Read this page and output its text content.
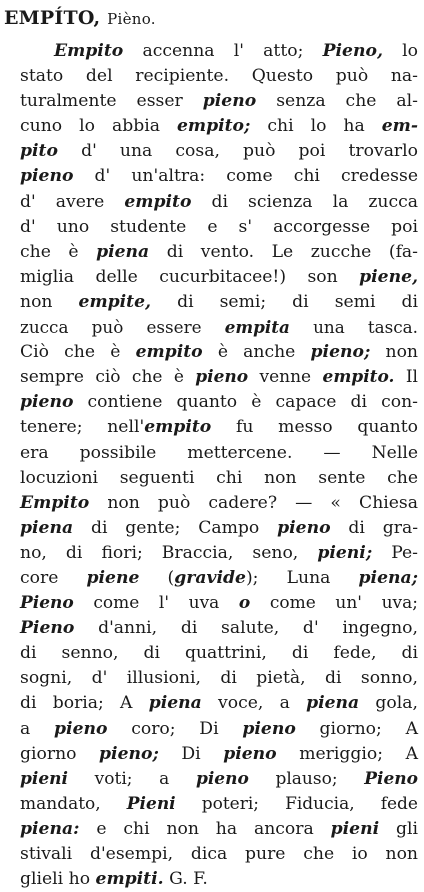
EMPÍTO, Pièno.
Empito accenna l' atto; Pieno, lo
stato del recipiente. Questo può na-
turalmente esser pieno senza che al-
cuno lo abbia empito; chi lo ha em-
pito d' una cosa, può poi trovarlo
pieno d' un'altra: come chi credesse
d' avere empito di scienza la zucca
d' uno studente e s' accorgesse poi
che è piena di vento. Le zucche (fa-
miglia delle cucurbitacee!) son piene,
non empite, di semi; di semi di
zucca può essere empita una tasca.
Ciò che è empito è anche pieno; non
sempre ciò che è pieno venne empito. Il
pieno contiene quanto è capace di con-
tenere; nell'empito fu messo quanto
era possibile mettercene. — Nelle
locuzioni seguenti chi non sente che
Empito non può cadere? — « Chiesa
piena di gente; Campo pieno di gra-
no, di fiori; Braccia, seno, pieni; Pe-
core piene (gravide); Luna piena;
Pieno come l' uva o come un' uva;
Pieno d'anni, di salute, d' ingegno,
di senno, di quattrini, di fede, di
sogni, d' illusioni, di pietà, di sonno,
di boria; A piena voce, a piena gola,
a pieno coro; Di pieno giorno; A
giorno pieno; Di pieno meriggio; A
pieni voti; a pieno plauso; Pieno
mandato, Pieni poteri; Fiducia, fede
piena: e chi non ha ancora pieni gli
stivali d'esempi, dica pure che io non
glieli ho empiti. G. F.
